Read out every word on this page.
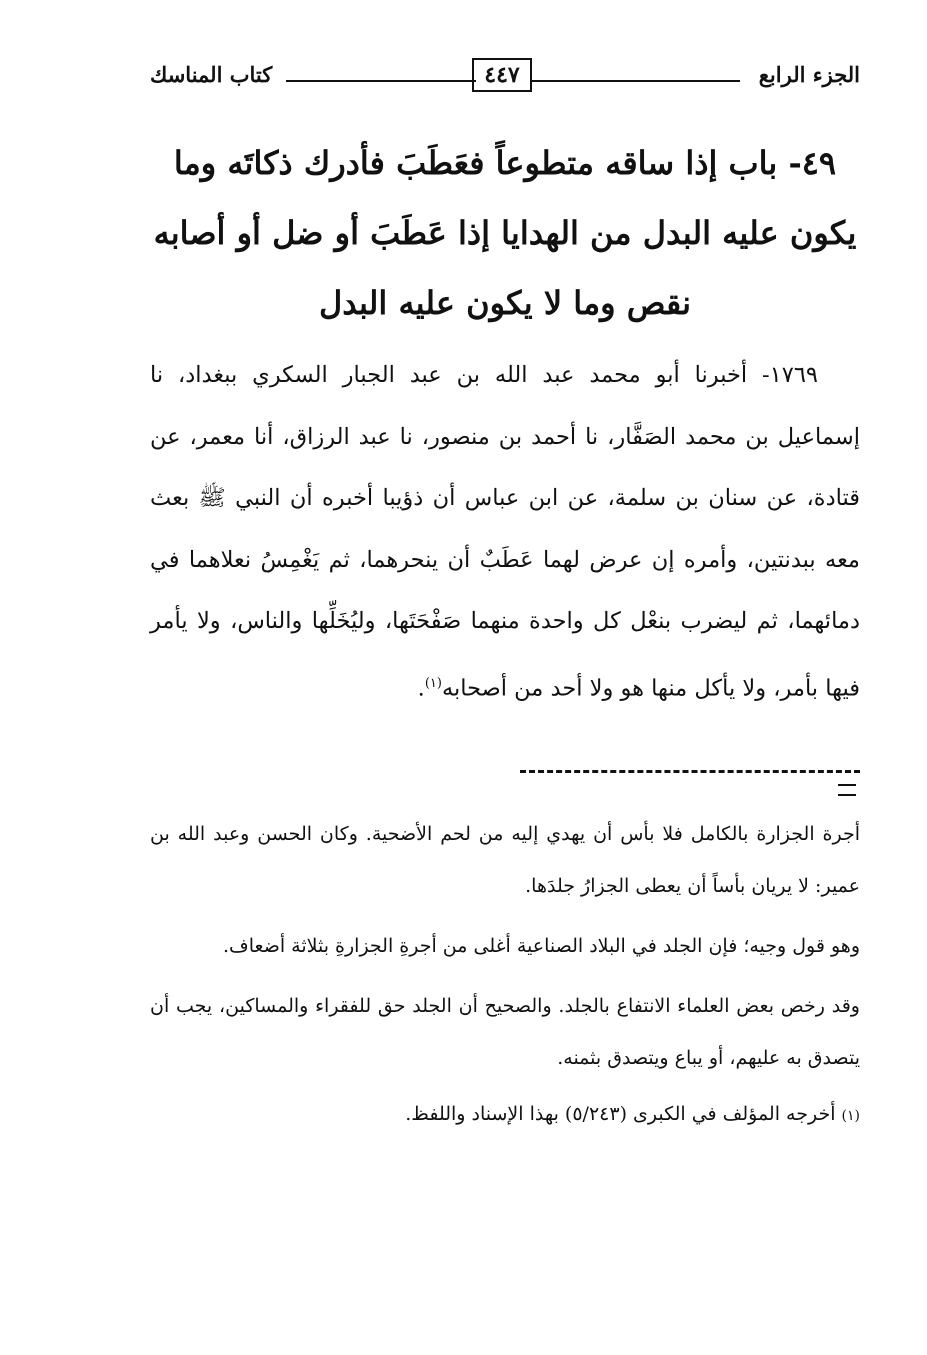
الجزء الرابع
٤٤٧
كتاب المناسك
٤٩- باب إذا ساقه متطوعاً فعَطَبَ فأدرك ذكاتَه وما يكون عليه البدل من الهدايا إذا عَطَبَ أو ضل أو أصابه نقص وما لا يكون عليه البدل
١٧٦٩- أخبرنا أبو محمد عبد الله بن عبد الجبار السكري ببغداد، نا إسماعيل بن محمد الصَفَّار، نا أحمد بن منصور، نا عبد الرزاق، أنا معمر، عن قتادة، عن سنان بن سلمة، عن ابن عباس أن ذؤيبا أخبره أن النبي ﷺ بعث معه ببدنتين، وأمره إن عرض لهما عَطَبٌ أن ينحرهما، ثم يَغْمِسُ نعلاهما في دمائهما، ثم ليضرب بنعْل كل واحدة منهما صَفْحَتَها، وليُخَلِّها والناس، ولا يأمر فيها بأمر، ولا يأكل منها هو ولا أحد من أصحابه$^{(١)}$.

أجرة الجزارة بالكامل فلا بأس أن يهدي إليه من لحم الأضحية. وكان الحسن وعبد الله بن عمير: لا يريان بأساً أن يعطى الجزارُ جلدَها.

وهو قول وجيه؛ فإن الجلد في البلاد الصناعية أغلى من أجرةِ الجزارةِ بثلاثة أضعاف.

وقد رخص بعض العلماء الانتفاع بالجلد. والصحيح أن الجلد حق للفقراء والمساكين، يجب أن يتصدق به عليهم، أو يباع ويتصدق بثمنه.

(١) أخرجه المؤلف في الكبرى (٥/٢٤٣) بهذا الإسناد واللفظ.
